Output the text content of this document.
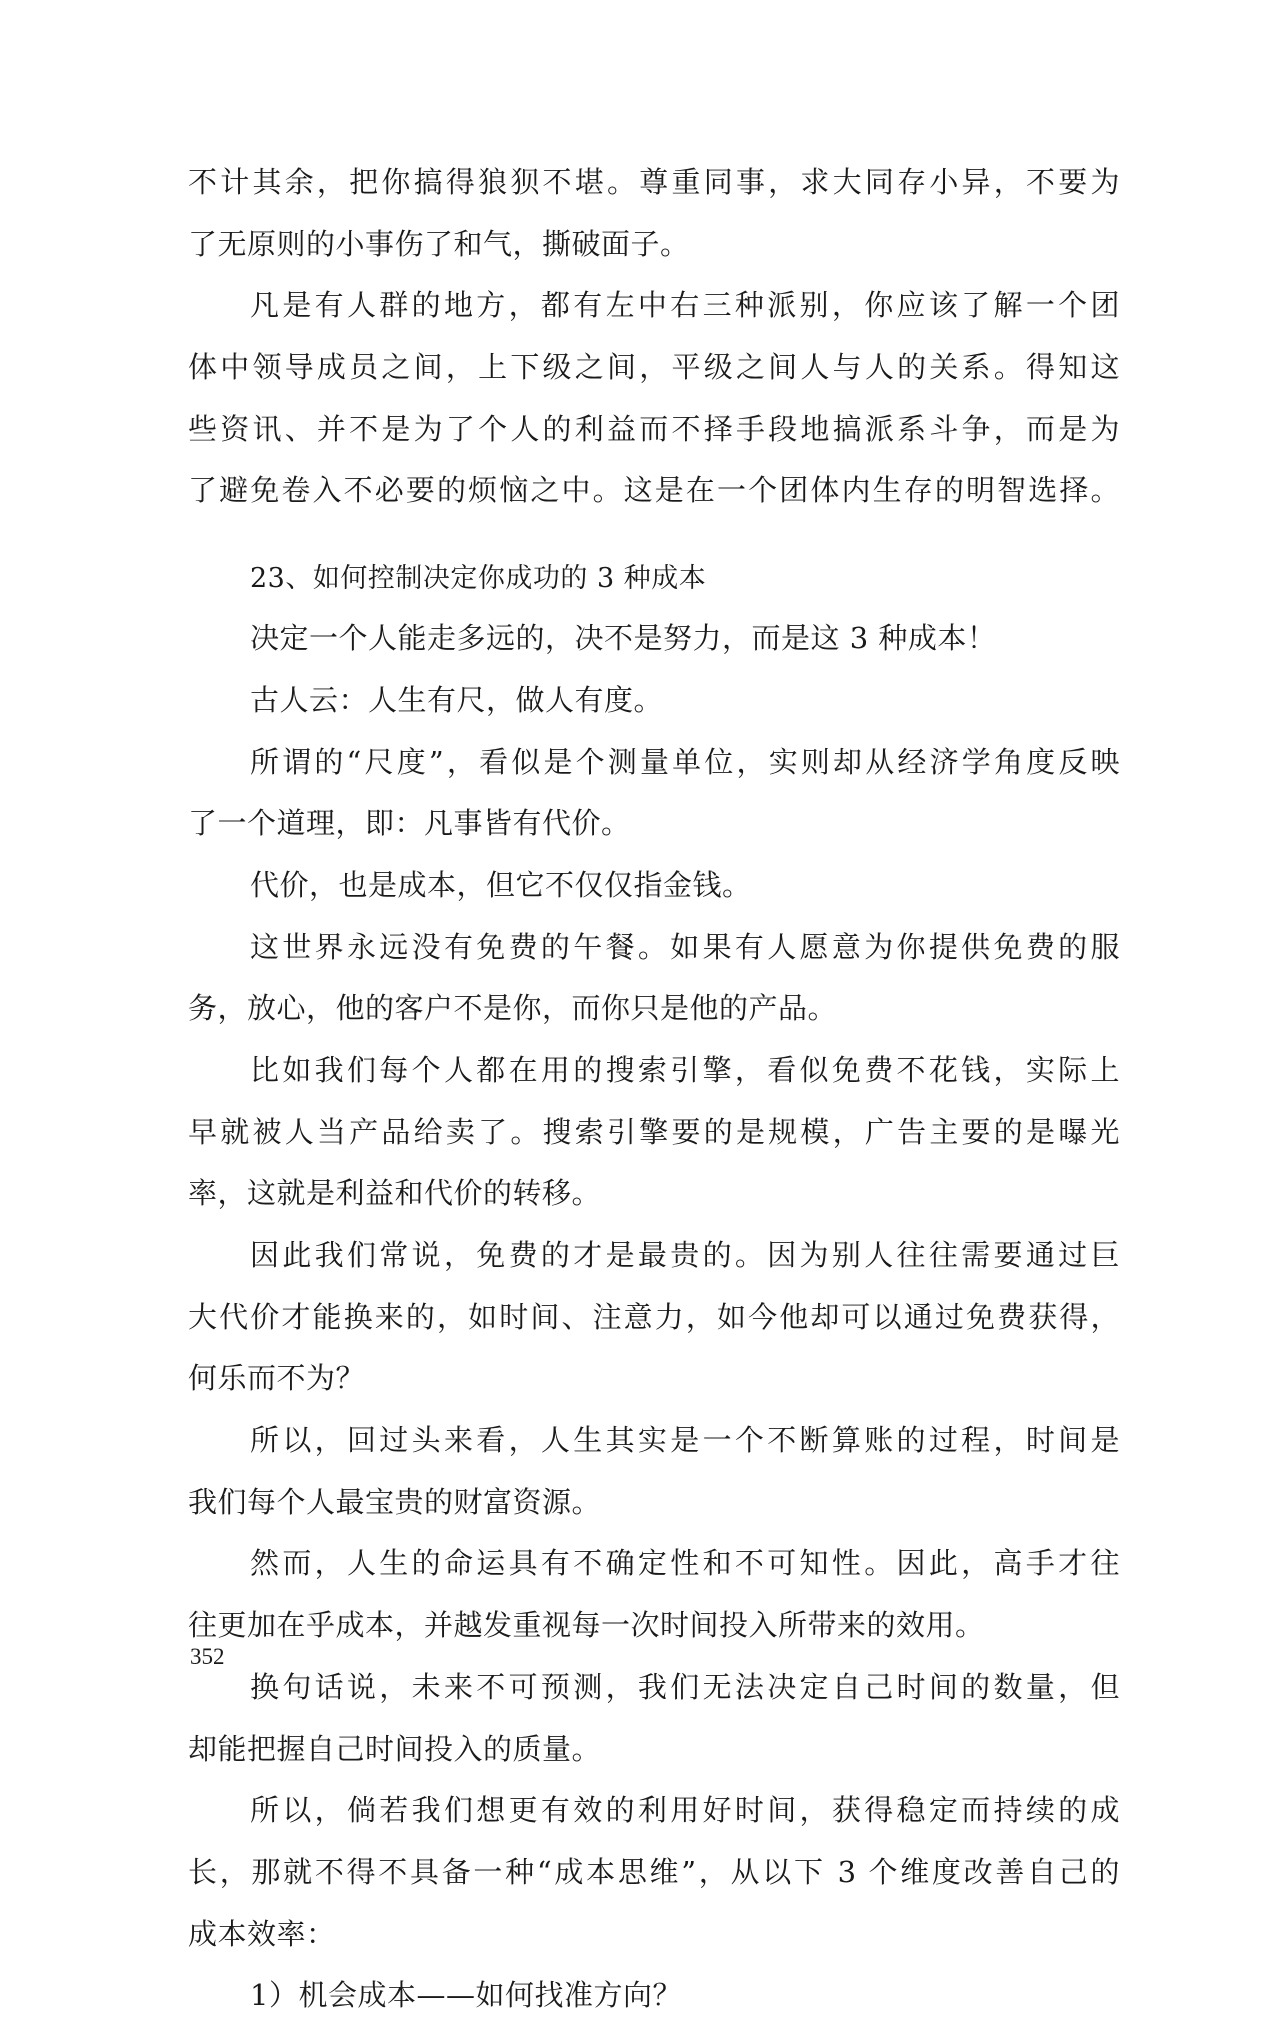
不计其余，把你搞得狼狈不堪。尊重同事，求大同存小异，不要为
了无原则的小事伤了和气，撕破面子。
凡是有人群的地方，都有左中右三种派别，你应该了解一个团
体中领导成员之间，上下级之间，平级之间人与人的关系。得知这
些资讯、并不是为了个人的利益而不择手段地搞派系斗争，而是为
了避免卷入不必要的烦恼之中。这是在一个团体内生存的明智选择。
23、如何控制决定你成功的 3 种成本
决定一个人能走多远的，决不是努力，而是这 3 种成本！
古人云：人生有尺，做人有度。
所谓的“尺度”，看似是个测量单位，实则却从经济学角度反映
了一个道理，即：凡事皆有代价。
代价，也是成本，但它不仅仅指金钱。
这世界永远没有免费的午餐。如果有人愿意为你提供免费的服
务，放心，他的客户不是你，而你只是他的产品。
比如我们每个人都在用的搜索引擎，看似免费不花钱，实际上
早就被人当产品给卖了。搜索引擎要的是规模，广告主要的是曝光
率，这就是利益和代价的转移。
因此我们常说，免费的才是最贵的。因为别人往往需要通过巨
大代价才能换来的，如时间、注意力，如今他却可以通过免费获得，
何乐而不为？
所以，回过头来看，人生其实是一个不断算账的过程，时间是
我们每个人最宝贵的财富资源。
然而，人生的命运具有不确定性和不可知性。因此，高手才往
往更加在乎成本，并越发重视每一次时间投入所带来的效用。
换句话说，未来不可预测，我们无法决定自己时间的数量，但
却能把握自己时间投入的质量。
所以，倘若我们想更有效的利用好时间，获得稳定而持续的成
长，那就不得不具备一种“成本思维”，从以下 3 个维度改善自己的
成本效率：
1）机会成本——如何找准方向？
352
